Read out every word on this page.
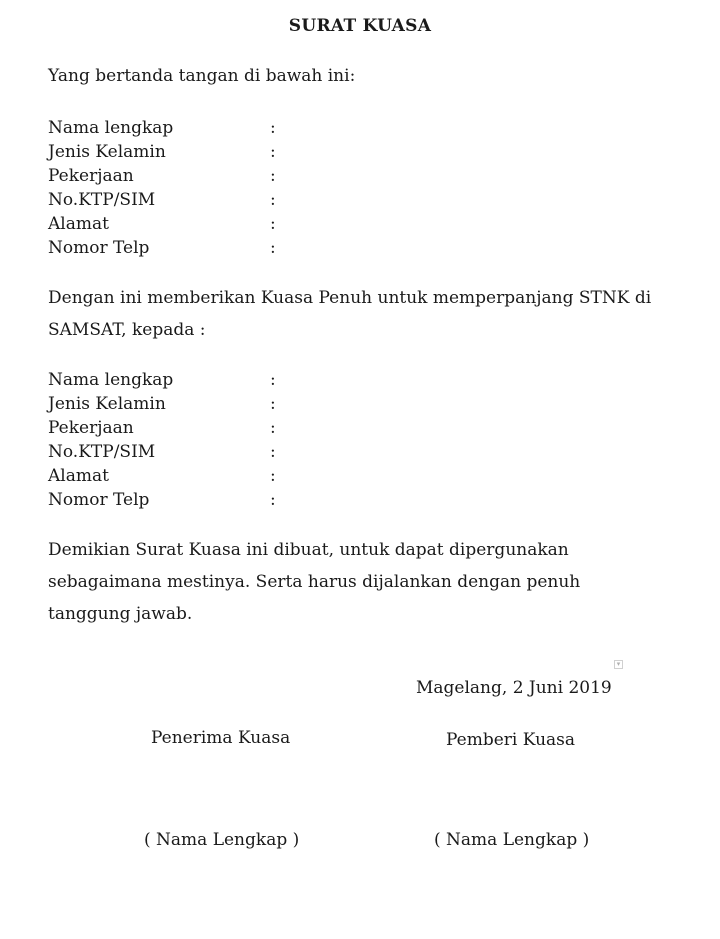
SURAT KUASA
Yang bertanda tangan di bawah ini:
Nama lengkap	:
Jenis Kelamin	:
Pekerjaan	:
No.KTP/SIM	:
Alamat	:
Nomor Telp	:
Dengan ini memberikan Kuasa Penuh untuk memperpanjang STNK di SAMSAT, kepada :
Nama lengkap	:
Jenis Kelamin	:
Pekerjaan	:
No.KTP/SIM	:
Alamat	:
Nomor Telp	:
Demikian Surat Kuasa ini dibuat, untuk dapat dipergunakan sebagaimana mestinya. Serta harus dijalankan dengan penuh tanggung jawab.
▾
Magelang, 2 Juni 2019
Penerima Kuasa	Pemberi Kuasa
( Nama Lengkap )	( Nama Lengkap )
